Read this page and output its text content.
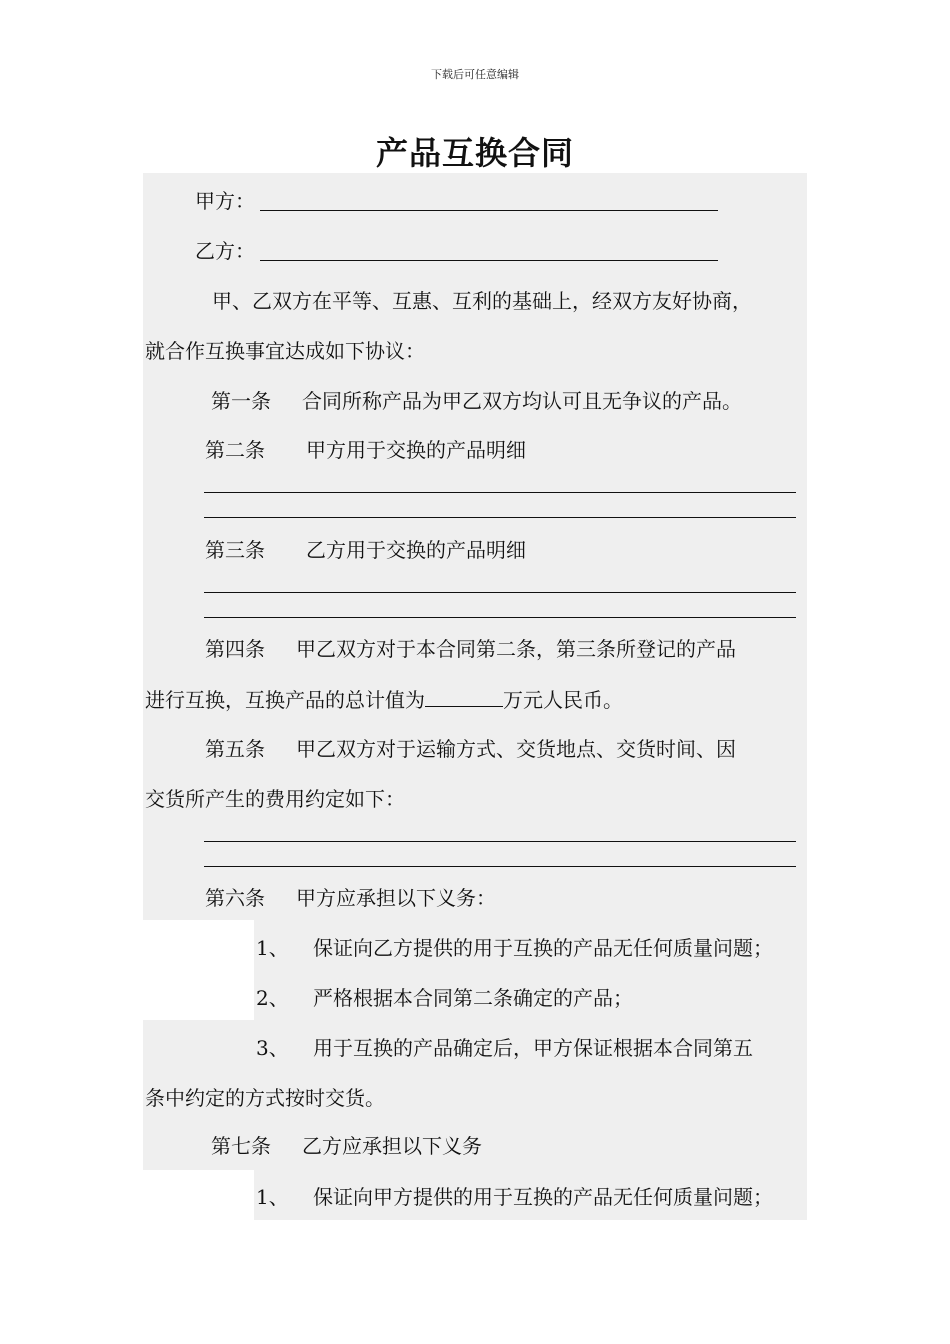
下载后可任意编辑
产品互换合同
甲方：
乙方：
甲、乙双方在平等、互惠、互利的基础上，经双方友好协商，
就合作互换事宜达成如下协议：
第一条 合同所称产品为甲乙双方均认可且无争议的产品。
第二条 甲方用于交换的产品明细
第三条 乙方用于交换的产品明细
第四条 甲乙双方对于本合同第二条，第三条所登记的产品
进行互换，互换产品的总计值为	万元人民币。
第五条 甲乙双方对于运输方式、交货地点、交货时间、因
交货所产生的费用约定如下：
第六条 甲方应承担以下义务：
1、 保证向乙方提供的用于互换的产品无任何质量问题；
2、 严格根据本合同第二条确定的产品；
3、 用于互换的产品确定后，甲方保证根据本合同第五
条中约定的方式按时交货。
第七条 乙方应承担以下义务
1、 保证向甲方提供的用于互换的产品无任何质量问题；
